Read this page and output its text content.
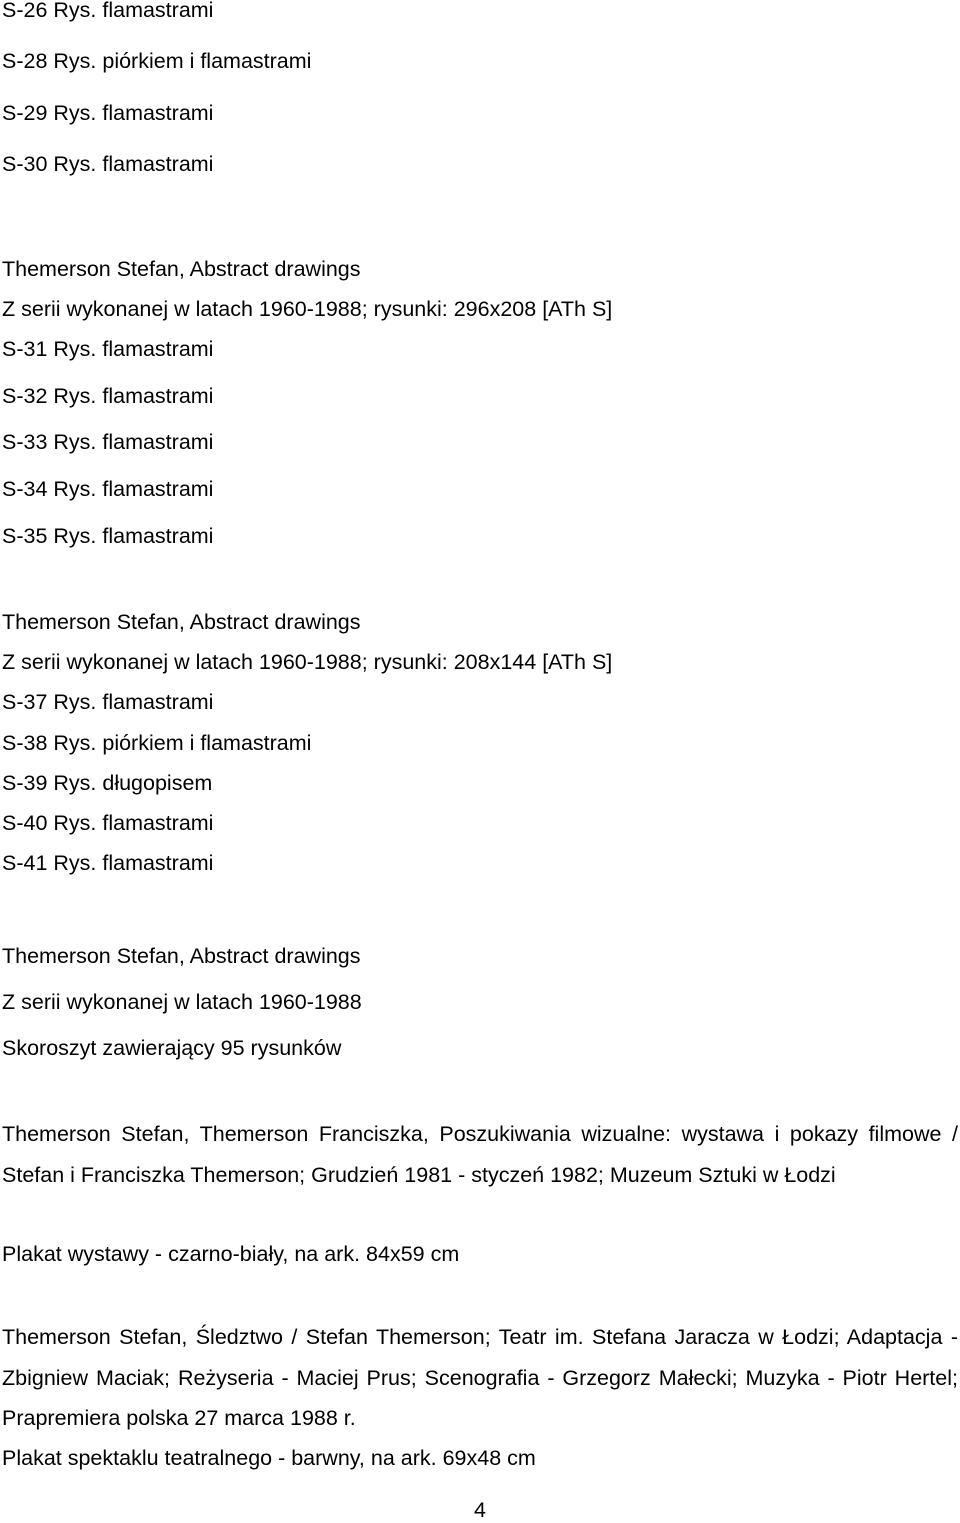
S-26 Rys. flamastrami
S-28 Rys. piórkiem i flamastrami
S-29 Rys. flamastrami
S-30 Rys. flamastrami
Themerson Stefan, Abstract drawings
Z serii wykonanej w latach 1960-1988; rysunki: 296x208 [ATh S]
S-31 Rys. flamastrami
S-32 Rys. flamastrami
S-33 Rys. flamastrami
S-34 Rys. flamastrami
S-35 Rys. flamastrami
Themerson Stefan, Abstract drawings
Z serii wykonanej w latach 1960-1988; rysunki: 208x144 [ATh S]
S-37 Rys. flamastrami
S-38 Rys. piórkiem i flamastrami
S-39 Rys. długopisem
S-40 Rys. flamastrami
S-41 Rys. flamastrami
Themerson Stefan, Abstract drawings
Z serii wykonanej w latach 1960-1988
Skoroszyt zawierający 95 rysunków
Themerson Stefan, Themerson Franciszka, Poszukiwania wizualne: wystawa i pokazy filmowe / Stefan i Franciszka Themerson; Grudzień 1981 - styczeń 1982; Muzeum Sztuki w Łodzi
Plakat wystawy - czarno-biały, na ark. 84x59 cm
Themerson Stefan, Śledztwo / Stefan Themerson; Teatr im. Stefana Jaracza w Łodzi; Adaptacja - Zbigniew Maciak; Reżyseria - Maciej Prus; Scenografia - Grzegorz Małecki; Muzyka - Piotr Hertel; Prapremiera polska 27 marca 1988 r.
Plakat spektaklu teatralnego - barwny, na ark. 69x48 cm
4
